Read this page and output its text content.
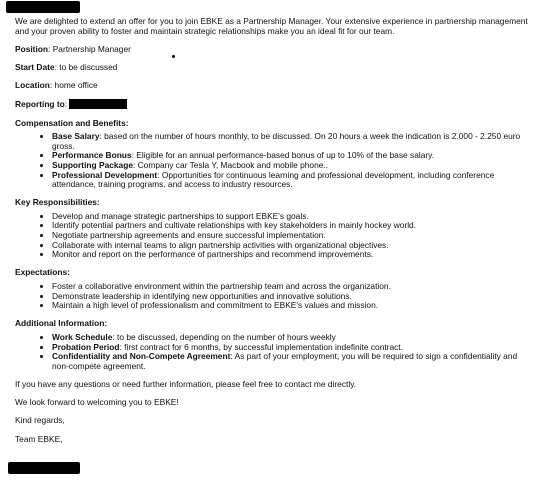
We are delighted to extend an offer for you to join EBKE as a Partnership Manager. Your extensive experience in partnership management and your proven ability to foster and maintain strategic relationships make you an ideal fit for our team.

Position: Partnership Manager

Start Date: to be discussed

Location: home office

Reporting to:

Compensation and Benefits:

• Base Salary: based on the number of hours monthly, to be discussed. On 20 hours a week the indication is 2.000 - 2.250 euro gross.
• Performance Bonus: Eligible for an annual performance-based bonus of up to 10% of the base salary.
• Supporting Package: Company car Tesla Y, Macbook and mobile phone..
• Professional Development: Opportunities for continuous learning and professional development, including conference attendance, training programs, and access to industry resources.

Key Responsibilities:

• Develop and manage strategic partnerships to support EBKE's goals.
• Identify potential partners and cultivate relationships with key stakeholders in mainly hockey world.
• Negotiate partnership agreements and ensure successful implementation.
• Collaborate with internal teams to align partnership activities with organizational objectives.
• Monitor and report on the performance of partnerships and recommend improvements.

Expectations:

• Foster a collaborative environment within the partnership team and across the organization.
• Demonstrate leadership in identifying new opportunities and innovative solutions.
• Maintain a high level of professionalism and commitment to EBKE's values and mission.

Additional Information:

• Work Schedule: to be discussed, depending on the number of hours weekly
• Probation Period: first contract for 6 months, by successful implementation indefinite contract.
• Confidentiality and Non-Compete Agreement: As part of your employment, you will be required to sign a confidentiality and non-compete agreement.

If you have any questions or need further information, please feel free to contact me directly.

We look forward to welcoming you to EBKE!

Kind regards,

Team EBKE,
